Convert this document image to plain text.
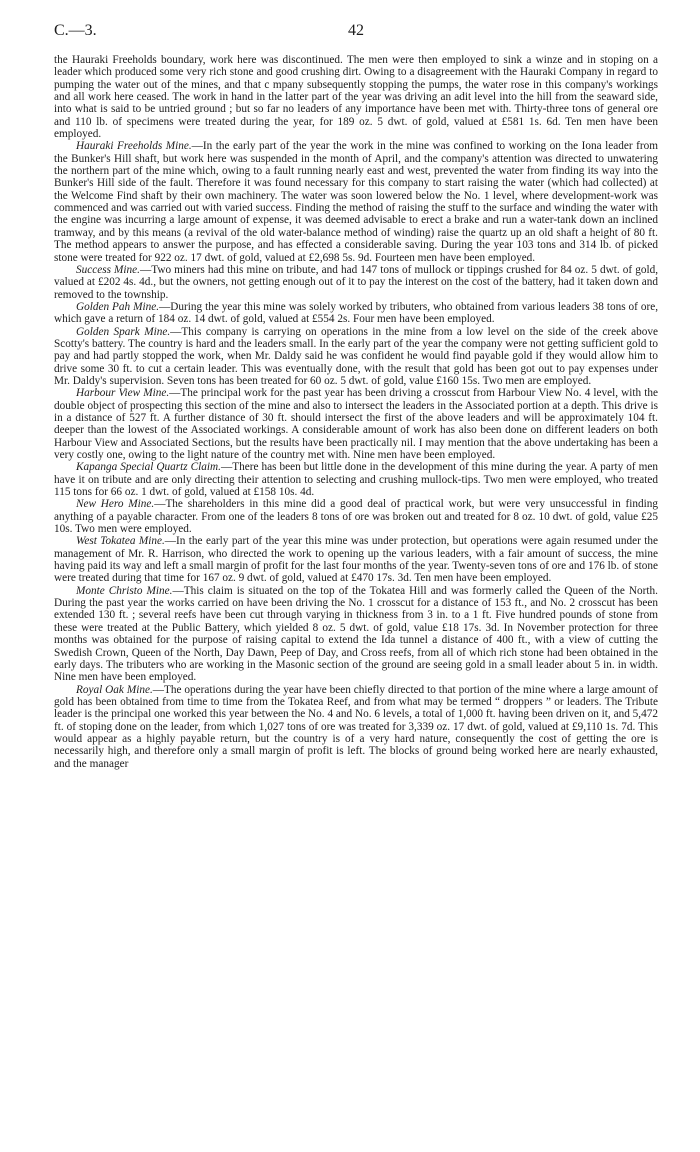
C.—3.	42

the Hauraki Freeholds boundary, work here was discontinued. The men were then employed to sink a winze and in stoping on a leader which produced some very rich stone and good crushing dirt. Owing to a disagreement with the Hauraki Company in regard to pumping the water out of the mines, and that c mpany subsequently stopping the pumps, the water rose in this company's workings and all work here ceased. The work in hand in the latter part of the year was driving an adit level into the hill from the seaward side, into what is said to be untried ground ; but so far no leaders of any importance have been met with. Thirty-three tons of general ore and 110 lb. of specimens were treated during the year, for 189 oz. 5 dwt. of gold, valued at £581 1s. 6d. Ten men have been employed.

Hauraki Freeholds Mine.—In the early part of the year the work in the mine was confined to working on the Iona leader from the Bunker's Hill shaft, but work here was suspended in the month of April, and the company's attention was directed to unwatering the northern part of the mine which, owing to a fault running nearly east and west, prevented the water from finding its way into the Bunker's Hill side of the fault. Therefore it was found necessary for this company to start raising the water (which had collected) at the Welcome Find shaft by their own machinery. The water was soon lowered below the No. 1 level, where development-work was commenced and was carried out with varied success. Finding the method of raising the stuff to the surface and winding the water with the engine was incurring a large amount of expense, it was deemed advisable to erect a brake and run a water-tank down an inclined tramway, and by this means (a revival of the old water-balance method of winding) raise the quartz up an old shaft a height of 80 ft. The method appears to answer the purpose, and has effected a considerable saving. During the year 103 tons and 314 lb. of picked stone were treated for 922 oz. 17 dwt. of gold, valued at £2,698 5s. 9d. Fourteen men have been employed.

Success Mine.—Two miners had this mine on tribute, and had 147 tons of mullock or tippings crushed for 84 oz. 5 dwt. of gold, valued at £202 4s. 4d., but the owners, not getting enough out of it to pay the interest on the cost of the battery, had it taken down and removed to the township.

Golden Pah Mine.—During the year this mine was solely worked by tributers, who obtained from various leaders 38 tons of ore, which gave a return of 184 oz. 14 dwt. of gold, valued at £554 2s. Four men have been employed.

Golden Spark Mine.—This company is carrying on operations in the mine from a low level on the side of the creek above Scotty's battery. The country is hard and the leaders small. In the early part of the year the company were not getting sufficient gold to pay and had partly stopped the work, when Mr. Daldy said he was confident he would find payable gold if they would allow him to drive some 30 ft. to cut a certain leader. This was eventually done, with the result that gold has been got out to pay expenses under Mr. Daldy's supervision. Seven tons has been treated for 60 oz. 5 dwt. of gold, value £160 15s. Two men are employed.

Harbour View Mine.—The principal work for the past year has been driving a crosscut from Harbour View No. 4 level, with the double object of prospecting this section of the mine and also to intersect the leaders in the Associated portion at a depth. This drive is in a distance of 527 ft. A further distance of 30 ft. should intersect the first of the above leaders and will be approximately 104 ft. deeper than the lowest of the Associated workings. A considerable amount of work has also been done on different leaders on both Harbour View and Associated Sections, but the results have been practically nil. I may mention that the above undertaking has been a very costly one, owing to the light nature of the country met with. Nine men have been employed.

Kapanga Special Quartz Claim.—There has been but little done in the development of this mine during the year. A party of men have it on tribute and are only directing their attention to selecting and crushing mullock-tips. Two men were employed, who treated 115 tons for 66 oz. 1 dwt. of gold, valued at £158 10s. 4d.

New Hero Mine.—The shareholders in this mine did a good deal of practical work, but were very unsuccessful in finding anything of a payable character. From one of the leaders 8 tons of ore was broken out and treated for 8 oz. 10 dwt. of gold, value £25 10s. Two men were employed.

West Tokatea Mine.—In the early part of the year this mine was under protection, but operations were again resumed under the management of Mr. R. Harrison, who directed the work to opening up the various leaders, with a fair amount of success, the mine having paid its way and left a small margin of profit for the last four months of the year. Twenty-seven tons of ore and 176 lb. of stone were treated during that time for 167 oz. 9 dwt. of gold, valued at £470 17s. 3d. Ten men have been employed.

Monte Christo Mine.—This claim is situated on the top of the Tokatea Hill and was formerly called the Queen of the North. During the past year the works carried on have been driving the No. 1 crosscut for a distance of 153 ft., and No. 2 crosscut has been extended 130 ft. ; several reefs have been cut through varying in thickness from 3 in. to a 1 ft. Five hundred pounds of stone from these were treated at the Public Battery, which yielded 8 oz. 5 dwt. of gold, value £18 17s. 3d. In November protection for three months was obtained for the purpose of raising capital to extend the Ida tunnel a distance of 400 ft., with a view of cutting the Swedish Crown, Queen of the North, Day Dawn, Peep of Day, and Cross reefs, from all of which rich stone had been obtained in the early days. The tributers who are working in the Masonic section of the ground are seeing gold in a small leader about 5 in. in width. Nine men have been employed.

Royal Oak Mine.—The operations during the year have been chiefly directed to that portion of the mine where a large amount of gold has been obtained from time to time from the Tokatea Reef, and from what may be termed “ droppers ” or leaders. The Tribute leader is the principal one worked this year between the No. 4 and No. 6 levels, a total of 1,000 ft. having been driven on it, and 5,472 ft. of stoping done on the leader, from which 1,027 tons of ore was treated for 3,339 oz. 17 dwt. of gold, valued at £9,110 1s. 7d. This would appear as a highly payable return, but the country is of a very hard nature, consequently the cost of getting the ore is necessarily high, and therefore only a small margin of profit is left. The blocks of ground being worked here are nearly exhausted, and the manager
